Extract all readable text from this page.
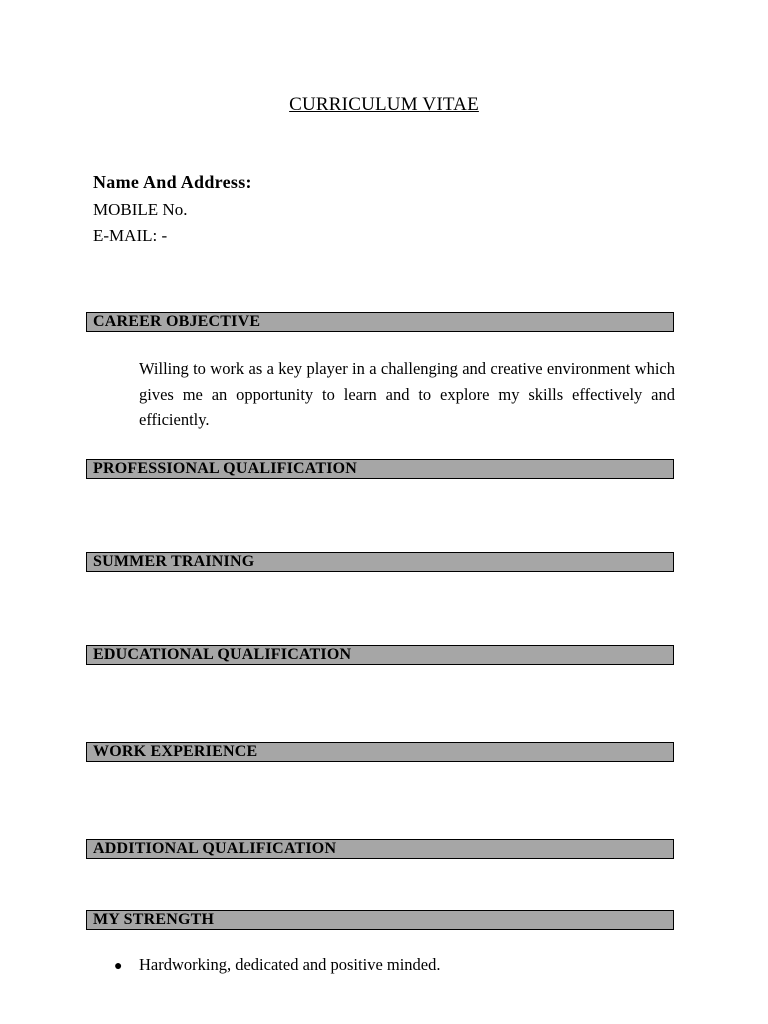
CURRICULUM VITAE
Name And Address:
MOBILE No.
E-MAIL: -
CAREER OBJECTIVE
Willing to work as a key player in a challenging and creative environment which gives me an opportunity to learn and to explore my skills effectively and efficiently.
PROFESSIONAL QUALIFICATION
SUMMER TRAINING
EDUCATIONAL QUALIFICATION
WORK EXPERIENCE
ADDITIONAL QUALIFICATION
MY STRENGTH
●	Hardworking, dedicated and positive minded.
